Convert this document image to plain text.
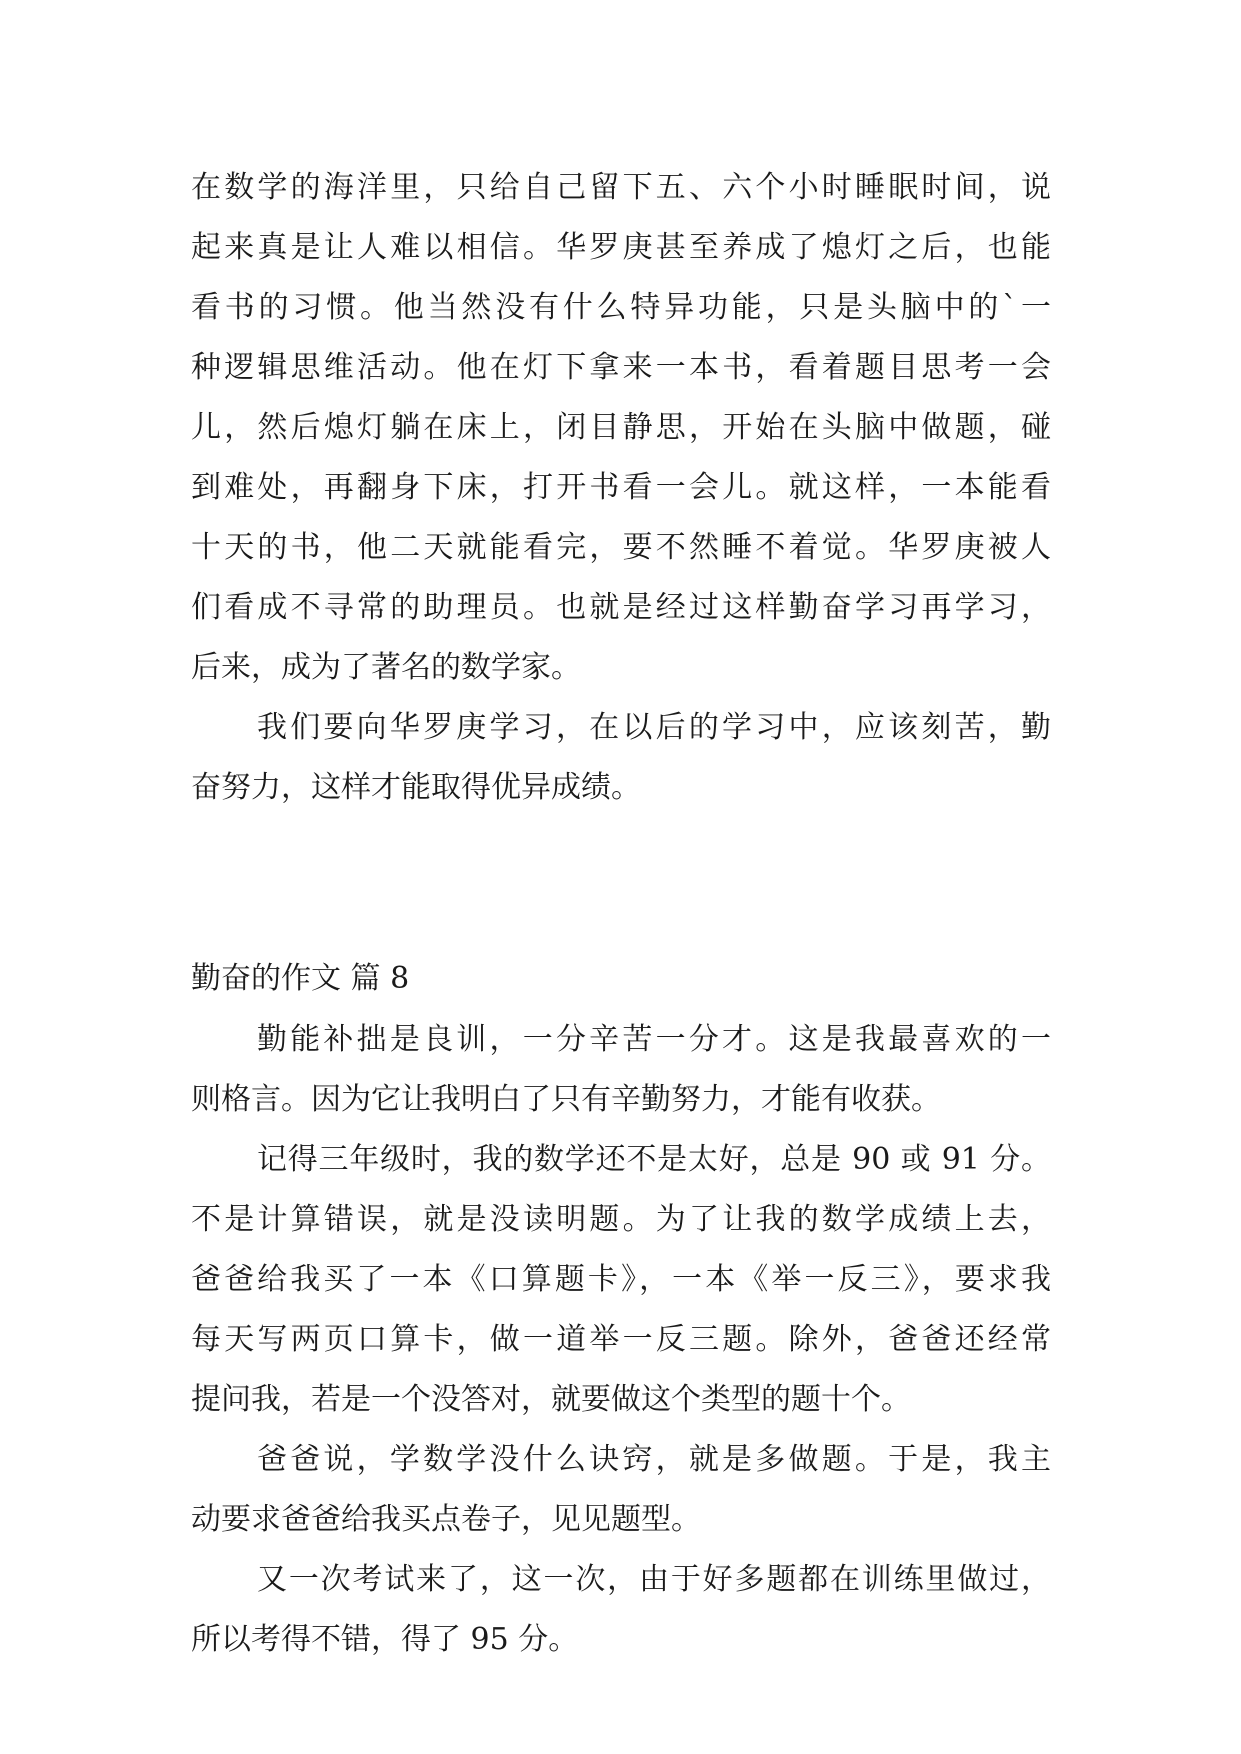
在数学的海洋里，只给自己留下五、六个小时睡眠时间，说
起来真是让人难以相信。华罗庚甚至养成了熄灯之后，也能
看书的习惯。他当然没有什么特异功能，只是头脑中的`一
种逻辑思维活动。他在灯下拿来一本书，看着题目思考一会
儿，然后熄灯躺在床上，闭目静思，开始在头脑中做题，碰
到难处，再翻身下床，打开书看一会儿。就这样，一本能看
十天的书，他二天就能看完，要不然睡不着觉。华罗庚被人
们看成不寻常的助理员。也就是经过这样勤奋学习再学习，
后来，成为了著名的数学家。
我们要向华罗庚学习，在以后的学习中，应该刻苦，勤
奋努力，这样才能取得优异成绩。
勤奋的作文 篇 8
勤能补拙是良训，一分辛苦一分才。这是我最喜欢的一
则格言。因为它让我明白了只有辛勤努力，才能有收获。
记得三年级时，我的数学还不是太好，总是 90 或 91 分。
不是计算错误，就是没读明题。为了让我的数学成绩上去，
爸爸给我买了一本《口算题卡》，一本《举一反三》，要求我
每天写两页口算卡，做一道举一反三题。除外，爸爸还经常
提问我，若是一个没答对，就要做这个类型的题十个。
爸爸说，学数学没什么诀窍，就是多做题。于是，我主
动要求爸爸给我买点卷子，见见题型。
又一次考试来了，这一次，由于好多题都在训练里做过，
所以考得不错，得了 95 分。
